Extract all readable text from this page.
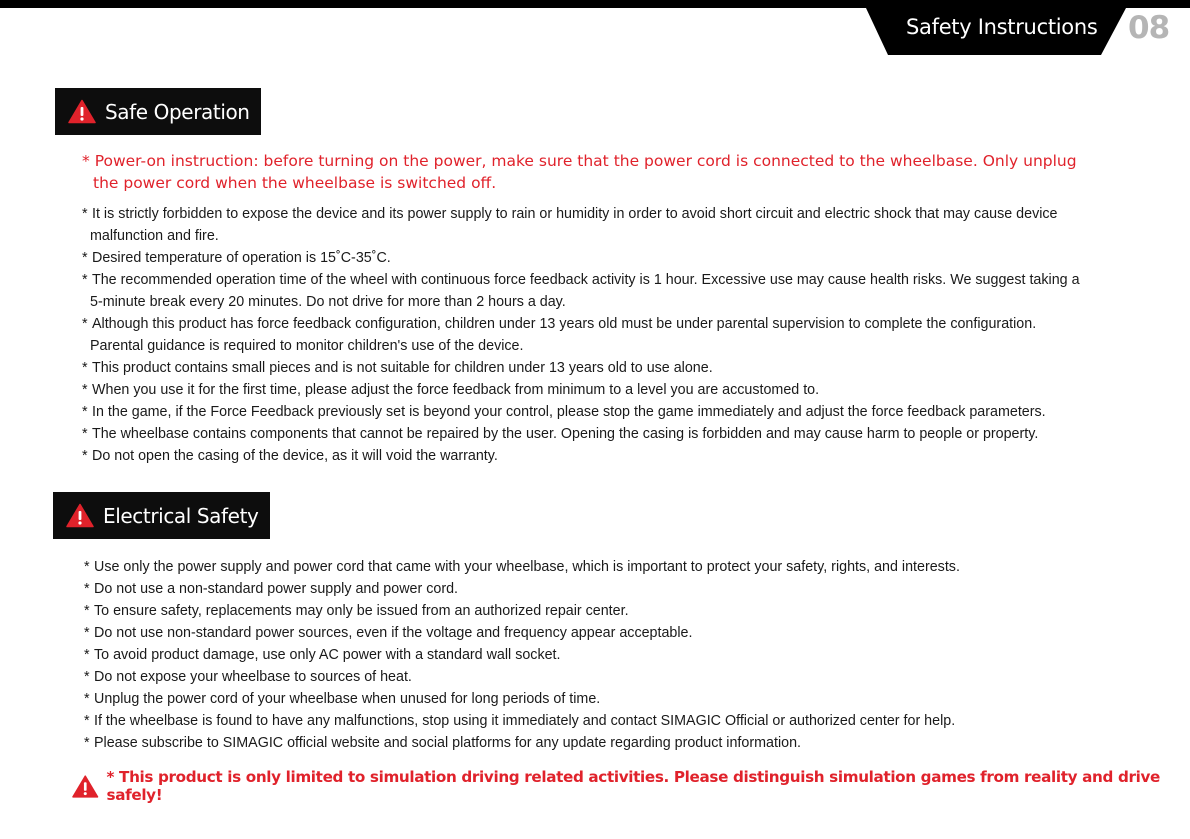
Safety Instructions 08
Safe Operation
* Power-on instruction: before turning on the power, make sure that the power cord is connected to the wheelbase. Only unplug
the power cord when the wheelbase is switched off.
* It is strictly forbidden to expose the device and its power supply to rain or humidity in order to avoid short circuit and electric shock that may cause device
malfunction and fire.
* Desired temperature of operation is 15˚C-35˚C.
* The recommended operation time of the wheel with continuous force feedback activity is 1 hour. Excessive use may cause health risks. We suggest taking a
5-minute break every 20 minutes. Do not drive for more than 2 hours a day.
* Although this product has force feedback configuration, children under 13 years old must be under parental supervision to complete the configuration.
Parental guidance is required to monitor children's use of the device.
* This product contains small pieces and is not suitable for children under 13 years old to use alone.
* When you use it for the first time, please adjust the force feedback from minimum to a level you are accustomed to.
* In the game, if the Force Feedback previously set is beyond your control, please stop the game immediately and adjust the force feedback parameters.
* The wheelbase contains components that cannot be repaired by the user. Opening the casing is forbidden and may cause harm to people or property.
* Do not open the casing of the device, as it will void the warranty.
Electrical Safety
* Use only the power supply and power cord that came with your wheelbase, which is important to protect your safety, rights, and interests.
* Do not use a non-standard power supply and power cord.
* To ensure safety, replacements may only be issued from an authorized repair center.
* Do not use non-standard power sources, even if the voltage and frequency appear acceptable.
* To avoid product damage, use only AC power with a standard wall socket.
* Do not expose your wheelbase to sources of heat.
* Unplug the power cord of your wheelbase when unused for long periods of time.
* If the wheelbase is found to have any malfunctions, stop using it immediately and contact SIMAGIC Official or authorized center for help.
* Please subscribe to SIMAGIC official website and social platforms for any update regarding product information.
* This product is only limited to simulation driving related activities. Please distinguish simulation games from reality and drive safely!
